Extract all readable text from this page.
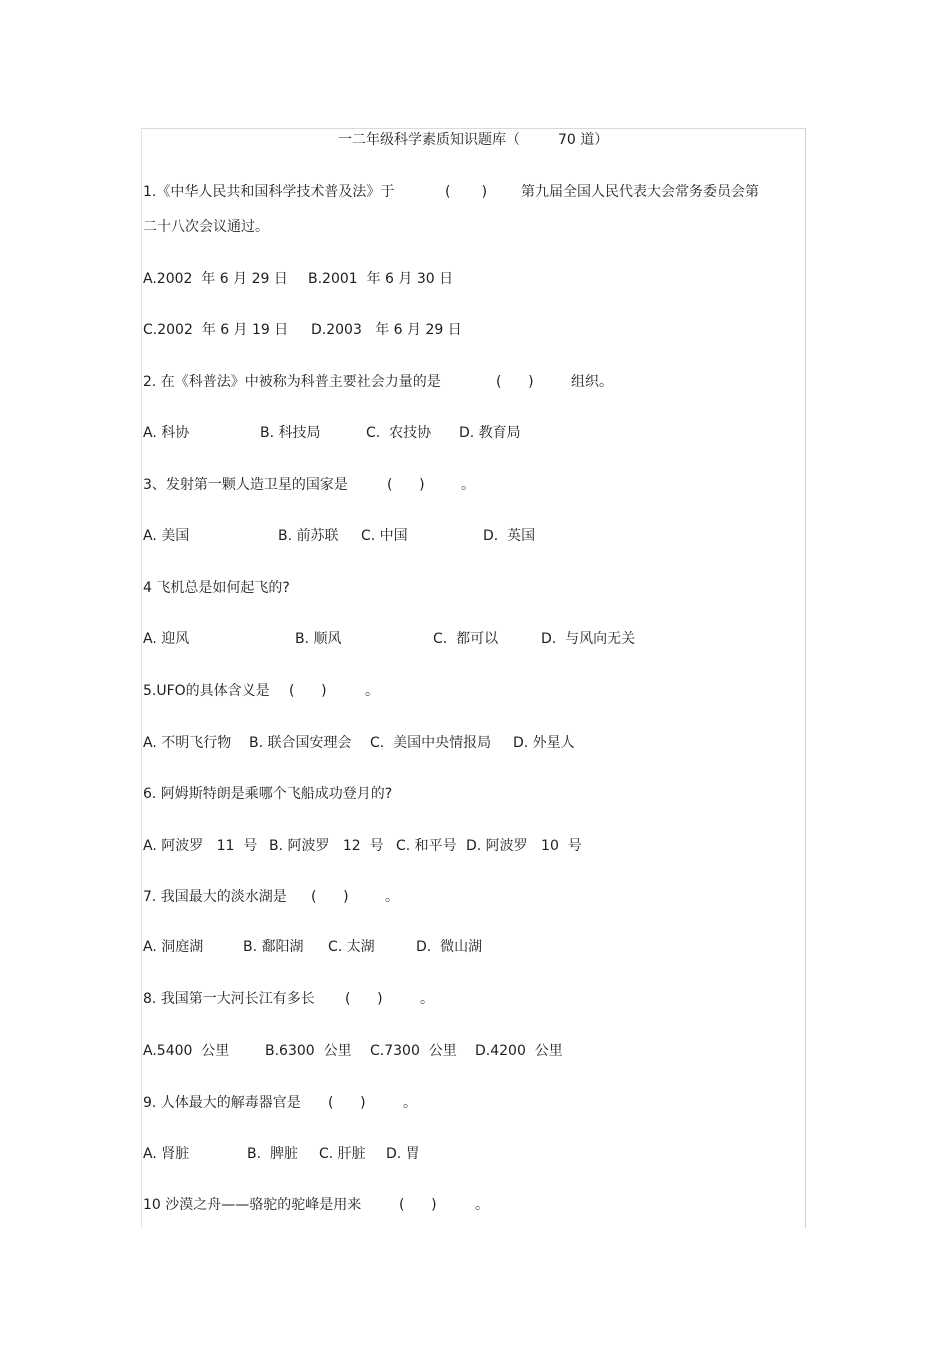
一二年级科学素质知识题库（

	70 道）

1.《中华人民共和国科学技术普及法》于

	(       )

第九届全国人民代表大会常务委员会第

二十八次会议通过。

A.2002  年 6 月 29 日

B.2001  年 6 月 30 日

C.2002  年 6 月 19 日

D.2003   年 6 月 29 日

2. 在《科普法》中被称为科普主要社会力量的是

	(      )

	组织。

A. 科协

	B. 科技局

	C.  农技协

D. 教育局

3、发射第一颗人造卫星的国家是

	(      )

	。

A. 美国

	B. 前苏联

C. 中国

	D.  英国

4 飞机总是如何起飞的?

A. 迎风

	B. 顺风

	C.  都可以

	D.  与风向无关

5.UFO的具体含义是

(      )

	。

A. 不明飞行物

B. 联合国安理会

C.  美国中央情报局

D. 外星人

6. 阿姆斯特朗是乘哪个飞船成功登月的?

A. 阿波罗   11  号

B. 阿波罗   12  号

C. 和平号

D. 阿波罗   10  号

7. 我国最大的淡水湖是

(      )

	。

A. 洞庭湖

	B. 鄱阳湖

C. 太湖

	D.  微山湖

8. 我国第一大河长江有多长

(      )

	。

A.5400  公里

	B.6300  公里

C.7300  公里

D.4200  公里

9. 人体最大的解毒器官是

(      )

	。

A. 肾脏

	B.  脾脏

C. 肝脏

D. 胃

10 沙漠之舟——骆驼的驼峰是用来

	(      )

	。
